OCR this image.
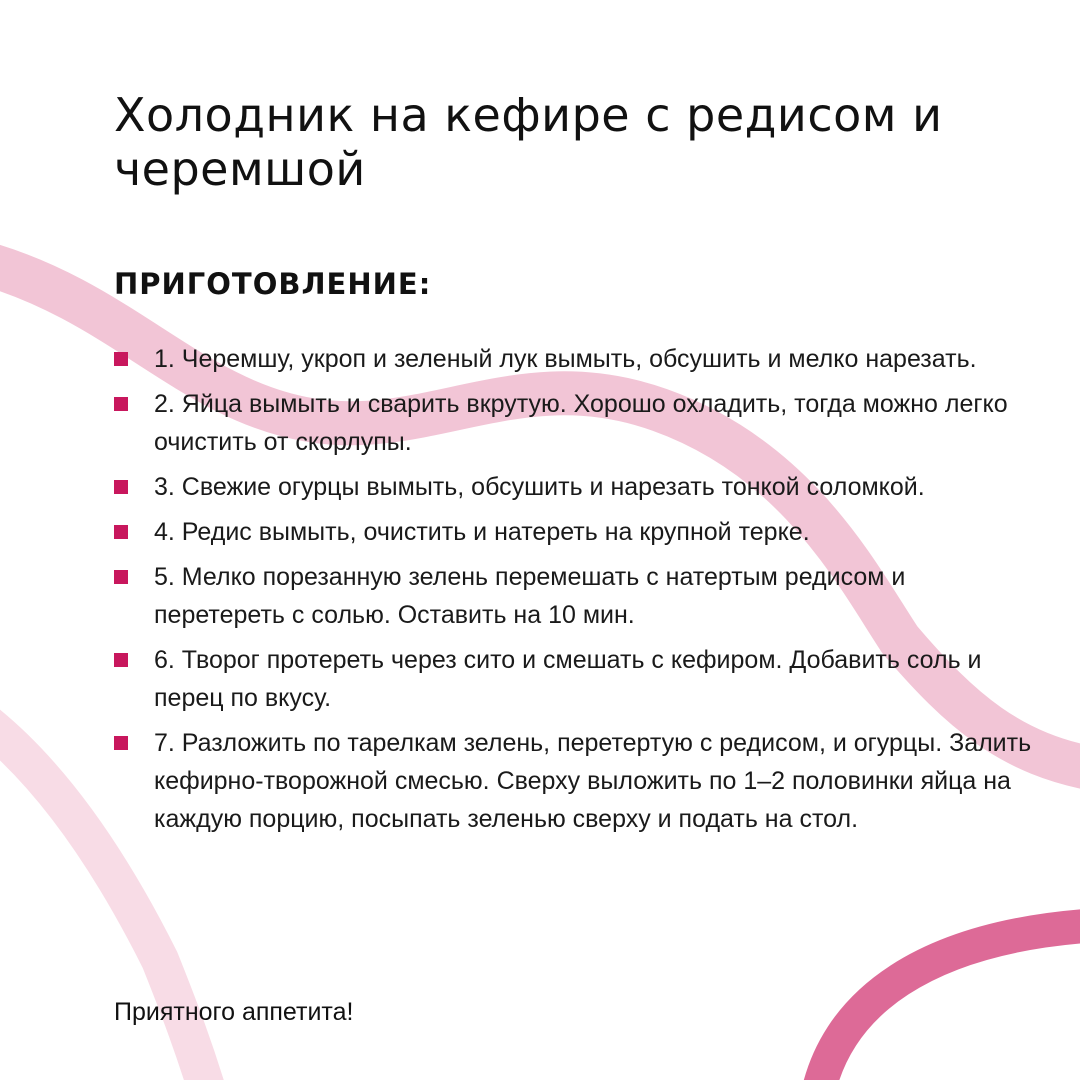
Холодник на кефире с редисом и черемшой
ПРИГОТОВЛЕНИЕ:
1. Черемшу, укроп и зеленый лук вымыть, обсушить и мелко нарезать.
2. Яйца вымыть и сварить вкрутую. Хорошо охладить, тогда можно легко очистить от скорлупы.
3. Свежие огурцы вымыть, обсушить и нарезать тонкой соломкой.
4. Редис вымыть, очистить и натереть на крупной терке.
5. Мелко порезанную зелень перемешать с натертым редисом и перетереть с солью. Оставить на 10 мин.
6. Творог протереть через сито и смешать с кефиром. Добавить соль и перец по вкусу.
7. Разложить по тарелкам зелень, перетертую с редисом, и огурцы. Залить кефирно-творожной смесью. Сверху выложить по 1–2 половинки яйца на каждую порцию, посыпать зеленью сверху и подать на стол.

Приятного аппетита!
